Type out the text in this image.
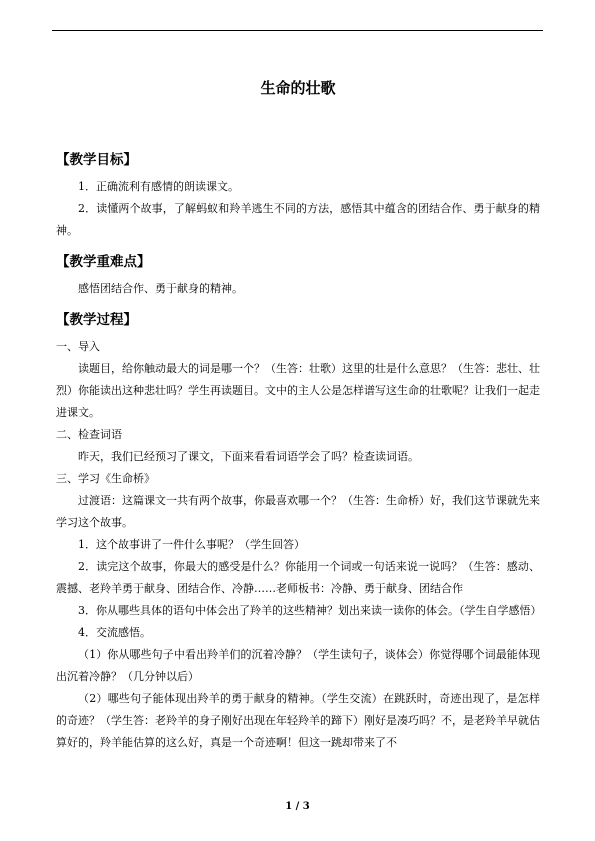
生命的壮歌
【教学目标】

1．正确流利有感情的朗读课文。

2．读懂两个故事，了解蚂蚁和羚羊逃生不同的方法，感悟其中蕴含的团结合作、勇于献身的精神。

【教学重难点】

感悟团结合作、勇于献身的精神。

【教学过程】

一、导入

读题目，给你触动最大的词是哪一个？（生答：壮歌）这里的壮是什么意思？（生答：悲壮、壮烈）你能读出这种悲壮吗？学生再读题目。文中的主人公是怎样谱写这生命的壮歌呢？让我们一起走进课文。

二、检查词语

昨天，我们已经预习了课文，下面来看看词语学会了吗？检查读词语。

三、学习《生命桥》

过渡语：这篇课文一共有两个故事，你最喜欢哪一个？（生答：生命桥）好，我们这节课就先来学习这个故事。

1．这个故事讲了一件什么事呢？（学生回答）

2．读完这个故事，你最大的感受是什么？你能用一个词或一句话来说一说吗？（生答：感动、震撼、老羚羊勇于献身、团结合作、冷静……老师板书：冷静、勇于献身、团结合作

3．你从哪些具体的语句中体会出了羚羊的这些精神？划出来读一读你的体会。（学生自学感悟）

4．交流感悟。

（1）你从哪些句子中看出羚羊们的沉着冷静？（学生读句子，谈体会）你觉得哪个词最能体现出沉着冷静？（几分钟以后）

（2）哪些句子能体现出羚羊的勇于献身的精神。（学生交流）在跳跃时，奇迹出现了，是怎样的奇迹？（学生答：老羚羊的身子刚好出现在年轻羚羊的蹄下）刚好是凑巧吗？不，是老羚羊早就估算好的，羚羊能估算的这么好，真是一个奇迹啊！但这一跳却带来了不

1 / 3
